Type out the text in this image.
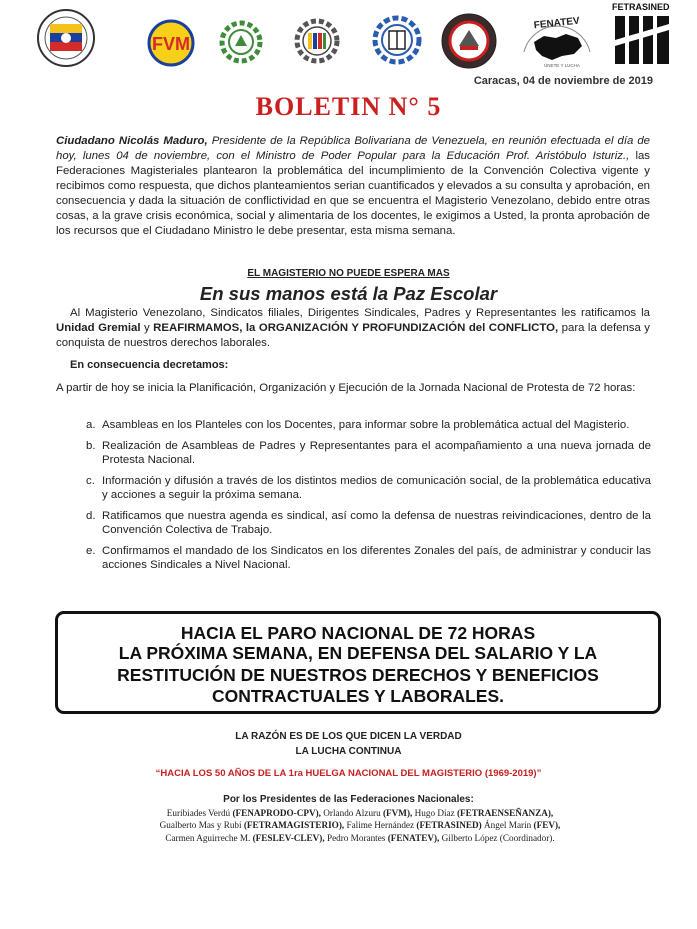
FVM
FENATEV
ÚNETE Y LUCHA
FETRASINED
Caracas, 04 de noviembre de 2019
BOLETIN N° 5
Ciudadano Nicolás Maduro, Presidente de la República Bolivariana de Venezuela, en reunión efectuada el día de hoy, lunes 04 de noviembre, con el Ministro de Poder Popular para la Educación Prof. Aristóbulo Isturiz., las Federaciones Magisteriales plantearon la problemática del incumplimiento de la Convención Colectiva vigente y recibimos como respuesta, que dichos planteamientos serian cuantificados y elevados a su consulta y aprobación, en consecuencia y dada la situación de conflictividad en que se encuentra el Magisterio Venezolano, debido entre otras cosas, a la grave crisis económica, social y alimentaria de los docentes, le exigimos a Usted, la pronta aprobación de los recursos que el Ciudadano Ministro le debe presentar, esta misma semana.
EL MAGISTERIO NO PUEDE ESPERA MAS
En sus manos está la Paz Escolar
Al Magisterio Venezolano, Sindicatos filiales, Dirigentes Sindicales, Padres y Representantes les ratificamos la Unidad Gremial y REAFIRMAMOS, la ORGANIZACIÓN Y PROFUNDIZACIÓN del CONFLICTO, para la defensa y conquista de nuestros derechos laborales.
En consecuencia decretamos:
A partir de hoy se inicia la Planificación, Organización y Ejecución de la Jornada Nacional de Protesta de 72 horas:
a. Asambleas en los Planteles con los Docentes, para informar sobre la problemática actual del Magisterio.
b. Realización de Asambleas de Padres y Representantes para el acompañamiento a una nueva jornada de Protesta Nacional.
c. Información y difusión a través de los distintos medios de comunicación social, de la problemática educativa y acciones a seguir la próxima semana.
d. Ratificamos que nuestra agenda es sindical, así como la defensa de nuestras reivindicaciones, dentro de la Convención Colectiva de Trabajo.
e. Confirmamos el mandado de los Sindicatos en los diferentes Zonales del país, de administrar y conducir las acciones Sindicales a Nivel Nacional.
HACIA EL PARO NACIONAL DE 72 HORAS
LA PRÓXIMA SEMANA, EN DEFENSA DEL SALARIO Y LA
RESTITUCIÓN DE NUESTROS DERECHOS Y BENEFICIOS
CONTRACTUALES Y LABORALES.
LA RAZÓN ES DE LOS QUE DICEN LA VERDAD
LA LUCHA CONTINUA
“HACIA LOS 50 AÑOS DE LA 1ra HUELGA NACIONAL DEL MAGISTERIO (1969-2019)”
Por los Presidentes de las Federaciones Nacionales:
Euribiades Verdú (FENAPRODO-CPV), Orlando Alzuru (FVM), Hugo Díaz (FETRAENSEÑANZA),
Gualberto Mas y Rubí (FETRAMAGISTERIO), Falime Hernández (FETRASINED) Ángel Marín (FEV),
Carmen Aguirreche M. (FESLEV-CLEV), Pedro Morantes (FENATEV), Gilberto López (Coordinador).
